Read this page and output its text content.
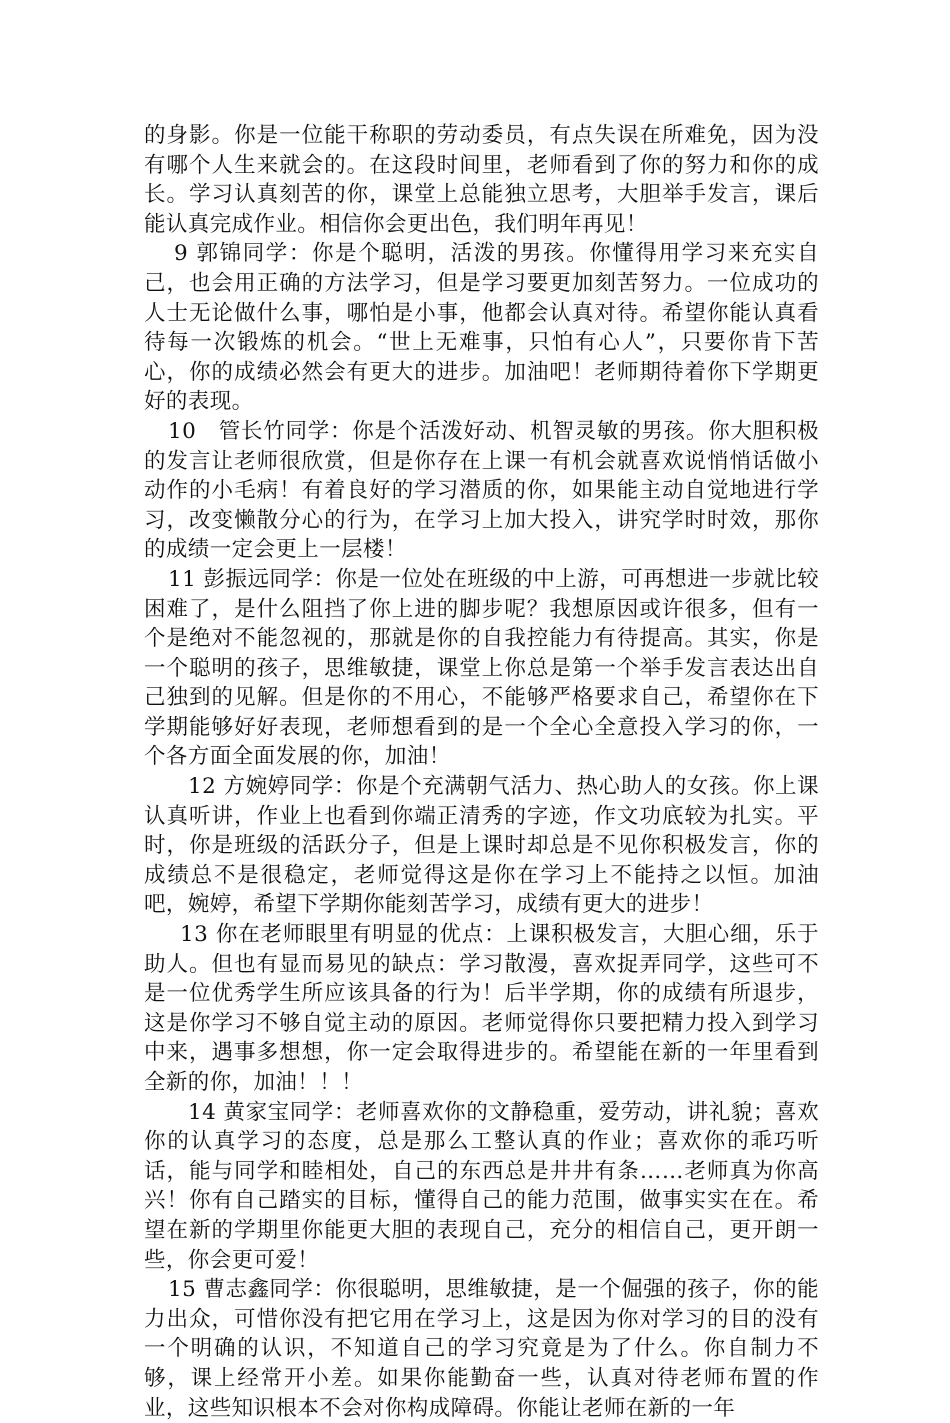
的身影。你是一位能干称职的劳动委员，有点失误在所难免，因为没有哪个人生来就会的。在这段时间里，老师看到了你的努力和你的成长。学习认真刻苦的你，课堂上总能独立思考，大胆举手发言，课后能认真完成作业。相信你会更出色，我们明年再见！

9 郭锦同学：你是个聪明，活泼的男孩。你懂得用学习来充实自己，也会用正确的方法学习，但是学习要更加刻苦努力。一位成功的人士无论做什么事，哪怕是小事，他都会认真对待。希望你能认真看待每一次锻炼的机会。“世上无难事，只怕有心人”，只要你肯下苦心，你的成绩必然会有更大的进步。加油吧！老师期待着你下学期更好的表现。

10　管长竹同学：你是个活泼好动、机智灵敏的男孩。你大胆积极的发言让老师很欣赏，但是你存在上课一有机会就喜欢说悄悄话做小动作的小毛病！有着良好的学习潜质的你，如果能主动自觉地进行学习，改变懒散分心的行为，在学习上加大投入，讲究学时时效，那你的成绩一定会更上一层楼！

11 彭振远同学：你是一位处在班级的中上游，可再想进一步就比较困难了，是什么阻挡了你上进的脚步呢？我想原因或许很多，但有一个是绝对不能忽视的，那就是你的自我控能力有待提高。其实，你是一个聪明的孩子，思维敏捷，课堂上你总是第一个举手发言表达出自己独到的见解。但是你的不用心，不能够严格要求自己，希望你在下学期能够好好表现，老师想看到的是一个全心全意投入学习的你，一个各方面全面发展的你，加油！

12 方婉婷同学：你是个充满朝气活力、热心助人的女孩。你上课认真听讲，作业上也看到你端正清秀的字迹，作文功底较为扎实。平时，你是班级的活跃分子，但是上课时却总是不见你积极发言，你的成绩总不是很稳定，老师觉得这是你在学习上不能持之以恒。加油吧，婉婷，希望下学期你能刻苦学习，成绩有更大的进步！

13 你在老师眼里有明显的优点：上课积极发言，大胆心细，乐于助人。但也有显而易见的缺点：学习散漫，喜欢捉弄同学，这些可不是一位优秀学生所应该具备的行为！后半学期，你的成绩有所退步，这是你学习不够自觉主动的原因。老师觉得你只要把精力投入到学习中来，遇事多想想，你一定会取得进步的。希望能在新的一年里看到全新的你，加油！！！

14 黄家宝同学：老师喜欢你的文静稳重，爱劳动，讲礼貌；喜欢你的认真学习的态度，总是那么工整认真的作业；喜欢你的乖巧听话，能与同学和睦相处，自己的东西总是井井有条……老师真为你高兴！你有自己踏实的目标，懂得自己的能力范围，做事实实在在。希望在新的学期里你能更大胆的表现自己，充分的相信自己，更开朗一些，你会更可爱！

15 曹志鑫同学：你很聪明，思维敏捷，是一个倔强的孩子，你的能力出众，可惜你没有把它用在学习上，这是因为你对学习的目的没有一个明确的认识，不知道自己的学习究竟是为了什么。你自制力不够，课上经常开小差。如果你能勤奋一些，认真对待老师布置的作业，这些知识根本不会对你构成障碍。你能让老师在新的一年
